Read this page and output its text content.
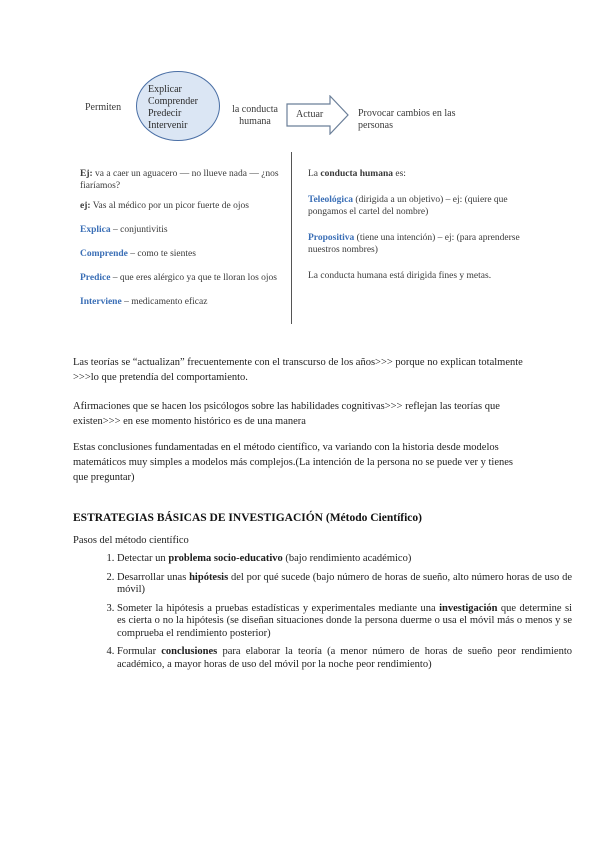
Permiten
Explicar
Comprender
Predecir
Intervenir
la conducta humana
Actuar	Provocar cambios en las personas
Ej: va a caer un aguacero — no llueve nada — ¿nos fiaríamos?
ej: Vas al médico por un picor fuerte de ojos
Explica – conjuntivitis
Comprende – como te sientes
Predice – que eres alérgico ya que te lloran los ojos
Interviene – medicamento eficaz
La conducta humana es:
Teleológica (dirigida a un objetivo) – ej: (quiere que pongamos el cartel del nombre)
Propositiva (tiene una intención) – ej: (para aprenderse nuestros nombres)
La conducta humana está dirigida fines y metas.
Las teorías se “actualizan” frecuentemente con el transcurso de los años>>> porque no explican totalmente >>>lo que pretendía del comportamiento.
Afirmaciones que se hacen los psicólogos sobre las habilidades cognitivas>>> reflejan las teorías que existen>>> en ese momento histórico es de una manera
Estas conclusiones fundamentadas en el método científico, va variando con la historia desde modelos matemáticos muy simples a modelos más complejos.(La intención de la persona no se puede ver y tienes que preguntar)
ESTRATEGIAS BÁSICAS DE INVESTIGACIÓN (Método Científico)
Pasos del método científico
1. Detectar un problema socio-educativo (bajo rendimiento académico)
2. Desarrollar unas hipótesis del por qué sucede (bajo número de horas de sueño, alto número horas de uso de móvil)
3. Someter la hipótesis a pruebas estadísticas y experimentales mediante una investigación que determine si es cierta o no la hipótesis (se diseñan situaciones donde la persona duerme o usa el móvil más o menos y se comprueba el rendimiento posterior)
4. Formular conclusiones para elaborar la teoría (a menor número de horas de sueño peor rendimiento académico, a mayor horas de uso del móvil por la noche peor rendimiento)
